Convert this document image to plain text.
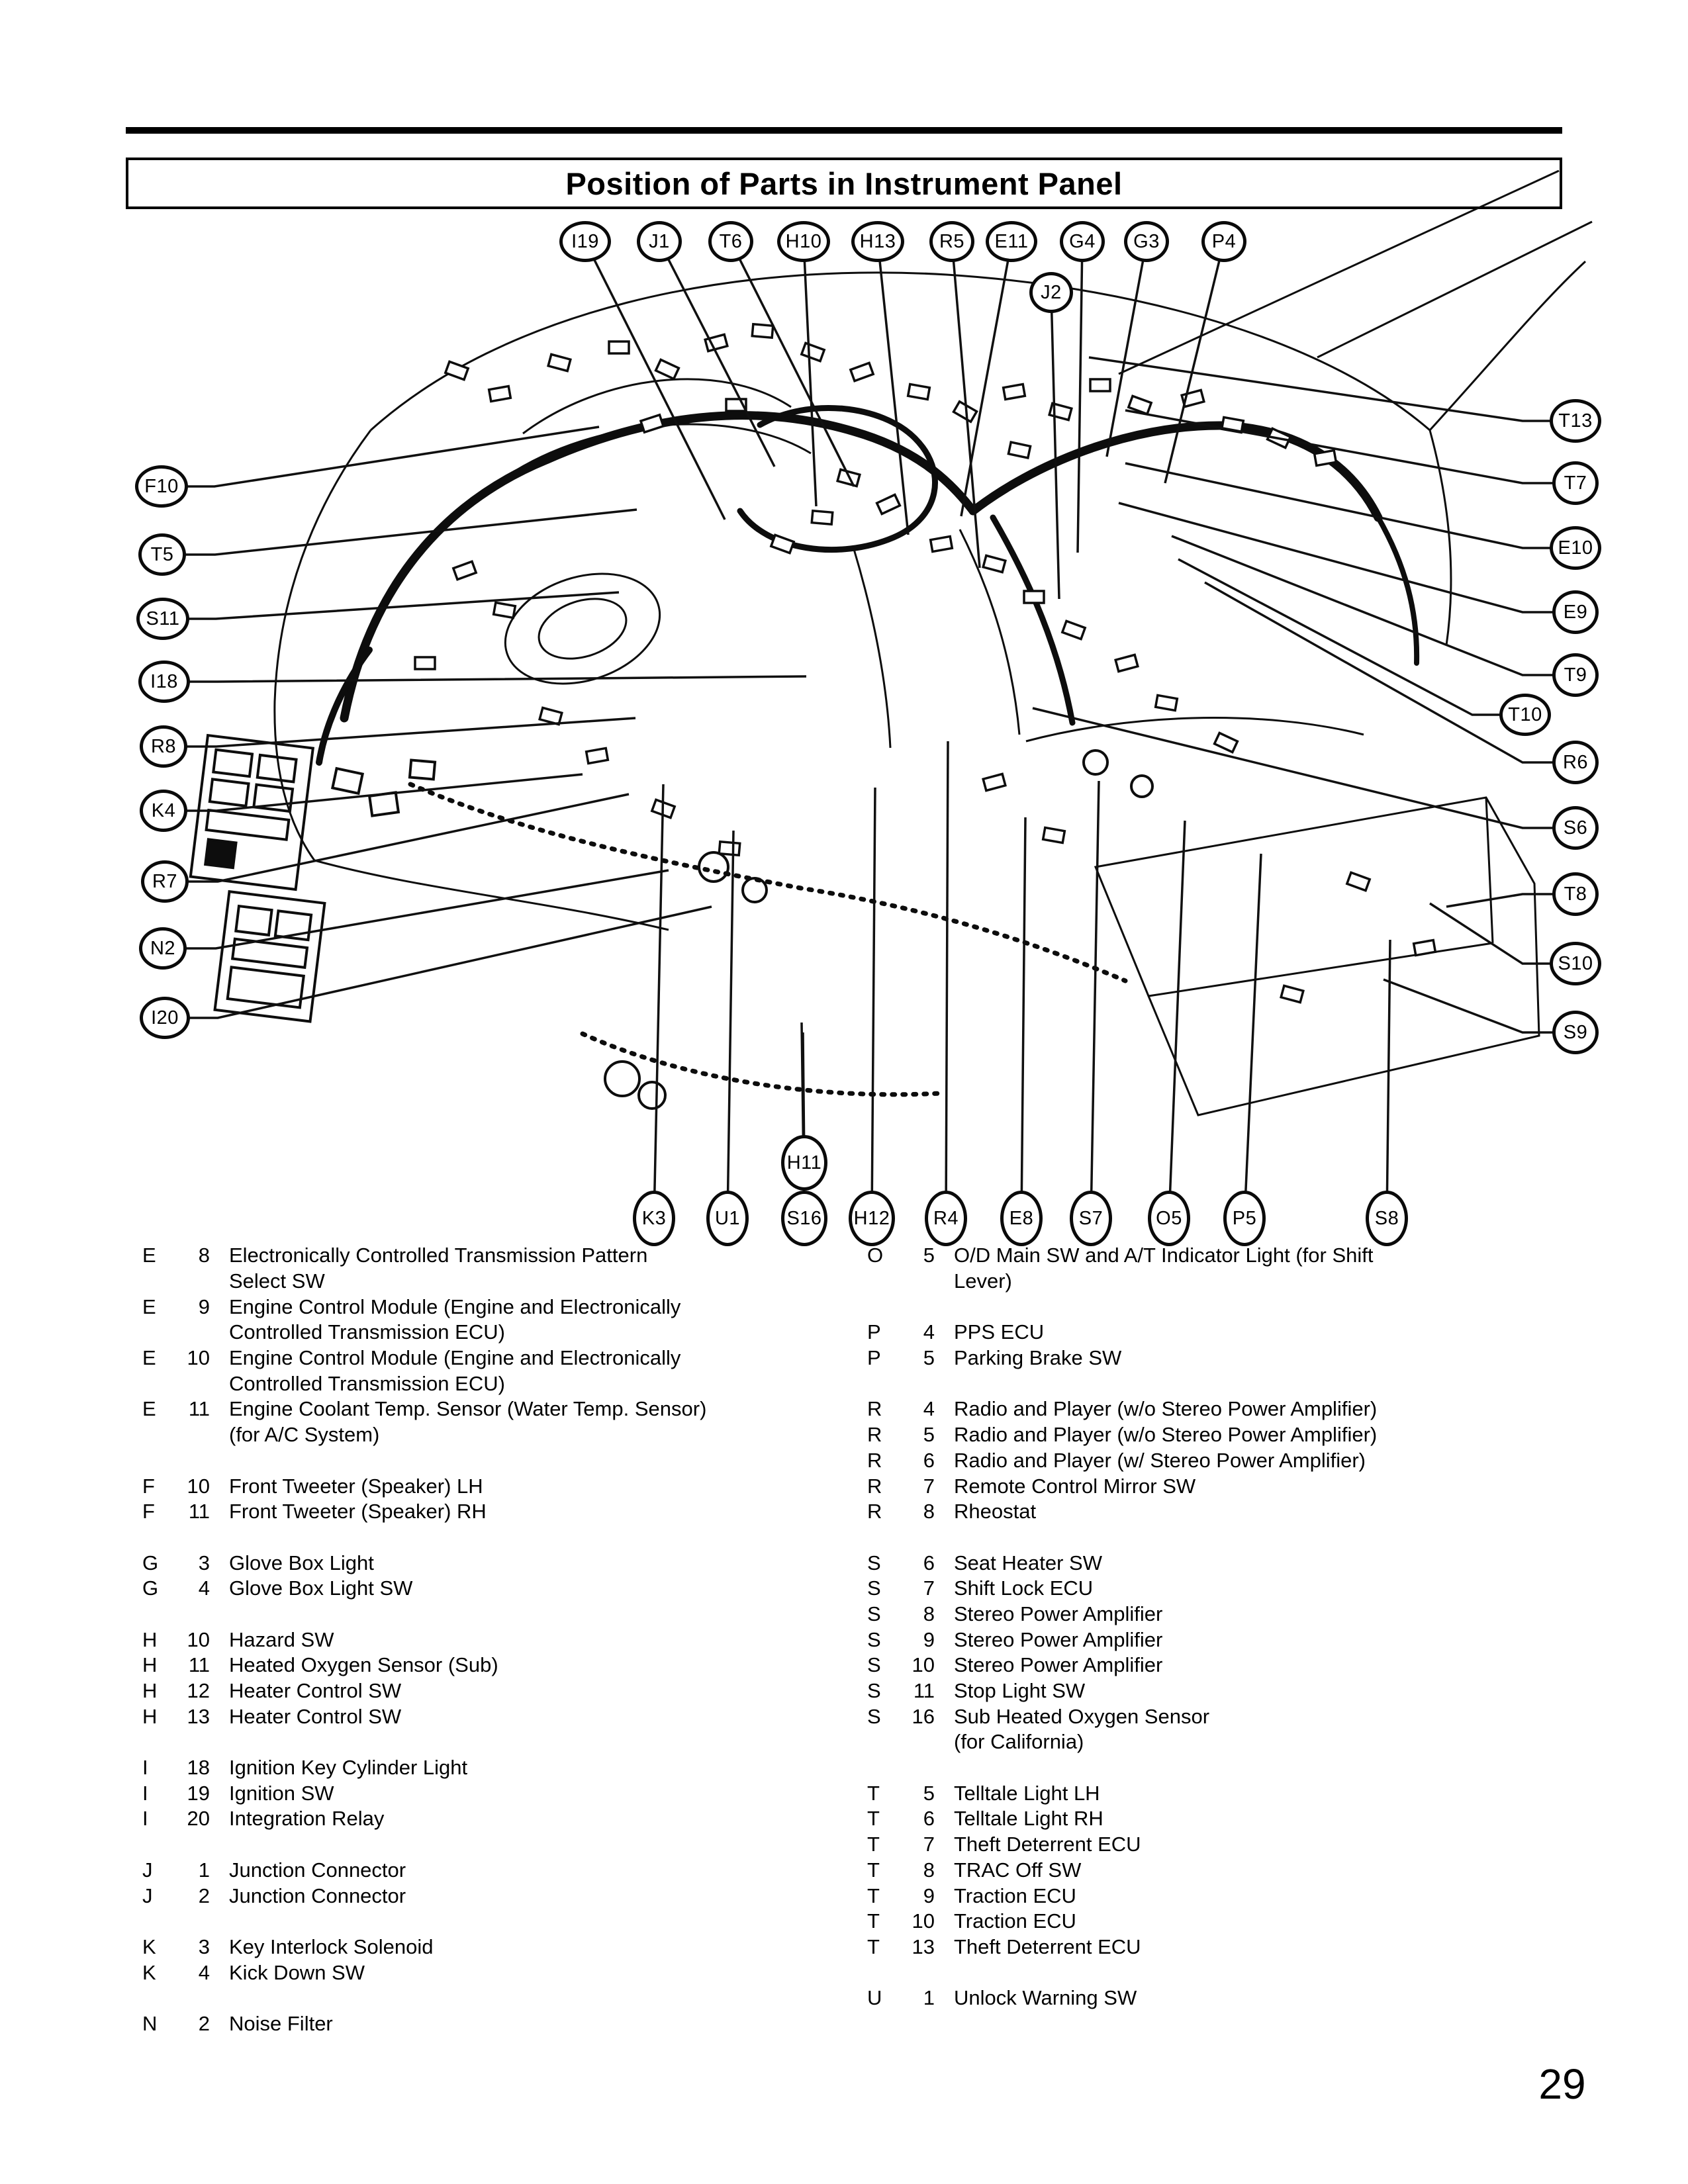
Position of Parts in Instrument Panel
I19	J1	T6 H10 H13 R5 E11 G4 G3	P4
J2
F10
T5
S11
I18
R8
K4
R7
N2
I20
T13
T7
E10
E9
T9
T10
R6
S6
T8
S10
S9
K3	U1 S16
H11
H12 R4	E8 S7	O5	P5	S8
E	8 Electronically Controlled Transmission Pattern
Select SW
E	9 Engine Control Module (Engine and Electronically
Controlled Transmission ECU)
E	10 Engine Control Module (Engine and Electronically
Controlled Transmission ECU)
E	11 Engine Coolant Temp. Sensor (Water Temp. Sensor)
(for A/C System)
F	10 Front Tweeter (Speaker) LH
F	11 Front Tweeter (Speaker) RH
G	3 Glove Box Light
G	4 Glove Box Light SW
H	10 Hazard SW
H	11 Heated Oxygen Sensor (Sub)
H	12 Heater Control SW
H	13 Heater Control SW
I	18 Ignition Key Cylinder Light
I	19 Ignition SW
I	20 Integration Relay
J	1 Junction Connector
J	2 Junction Connector
K	3 Key Interlock Solenoid
K	4 Kick Down SW
N	2 Noise Filter
O	5 O/D Main SW and A/T Indicator Light (for Shift
Lever)
P	4 PPS ECU
P	5 Parking Brake SW
R	4 Radio and Player (w/o Stereo Power Amplifier)
R	5 Radio and Player (w/o Stereo Power Amplifier)
R	6 Radio and Player (w/ Stereo Power Amplifier)
R	7 Remote Control Mirror SW
R	8 Rheostat
S	6 Seat Heater SW
S	7 Shift Lock ECU
S	8 Stereo Power Amplifier
S	9 Stereo Power Amplifier
S	10 Stereo Power Amplifier
S	11 Stop Light SW
S	16 Sub Heated Oxygen Sensor
(for California)
T	5 Telltale Light LH
T	6 Telltale Light RH
T	7 Theft Deterrent ECU
T	8 TRAC Off SW
T	9 Traction ECU
T	10 Traction ECU
T	13 Theft Deterrent ECU
U	1 Unlock Warning SW
29
